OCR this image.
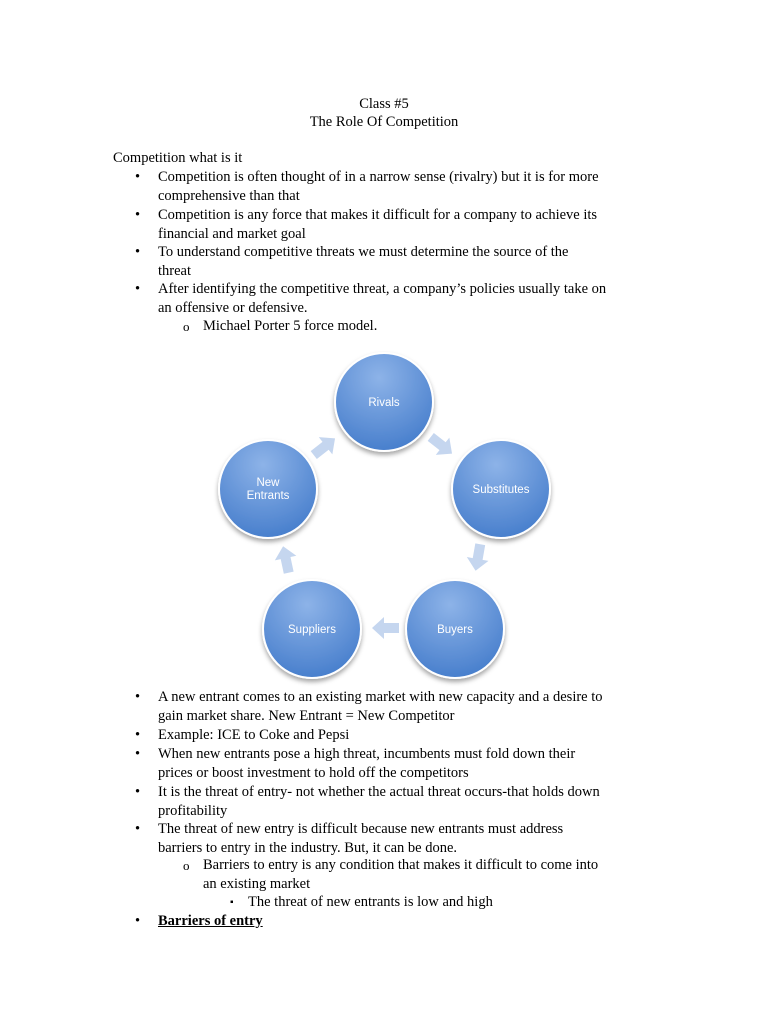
Class #5
The Role Of Competition
Competition what is it
•	Competition is often thought of in a narrow sense (rivalry) but it is for more
comprehensive than that
•	Competition is any force that makes it difficult for a company to achieve its
financial and market goal
•	To understand competitive threats we must determine the source of the
threat
•	After identifying the competitive threat, a company’s policies usually take on
an offensive or defensive.
o Michael Porter 5 force model.
Rivals
Substitutes
Buyers
Suppliers
New
Entrants
•	A new entrant comes to an existing market with new capacity and a desire to
gain market share. New Entrant = New Competitor
•	Example: ICE to Coke and Pepsi
•	When new entrants pose a high threat, incumbents must fold down their
prices or boost investment to hold off the competitors
•	It is the threat of entry- not whether the actual threat occurs-that holds down
profitability
•	The threat of new entry is difficult because new entrants must address
barriers to entry in the industry. But, it can be done.
o Barriers to entry is any condition that makes it difficult to come into
an existing market
▪ The threat of new entrants is low and high
•	Barriers of entry
